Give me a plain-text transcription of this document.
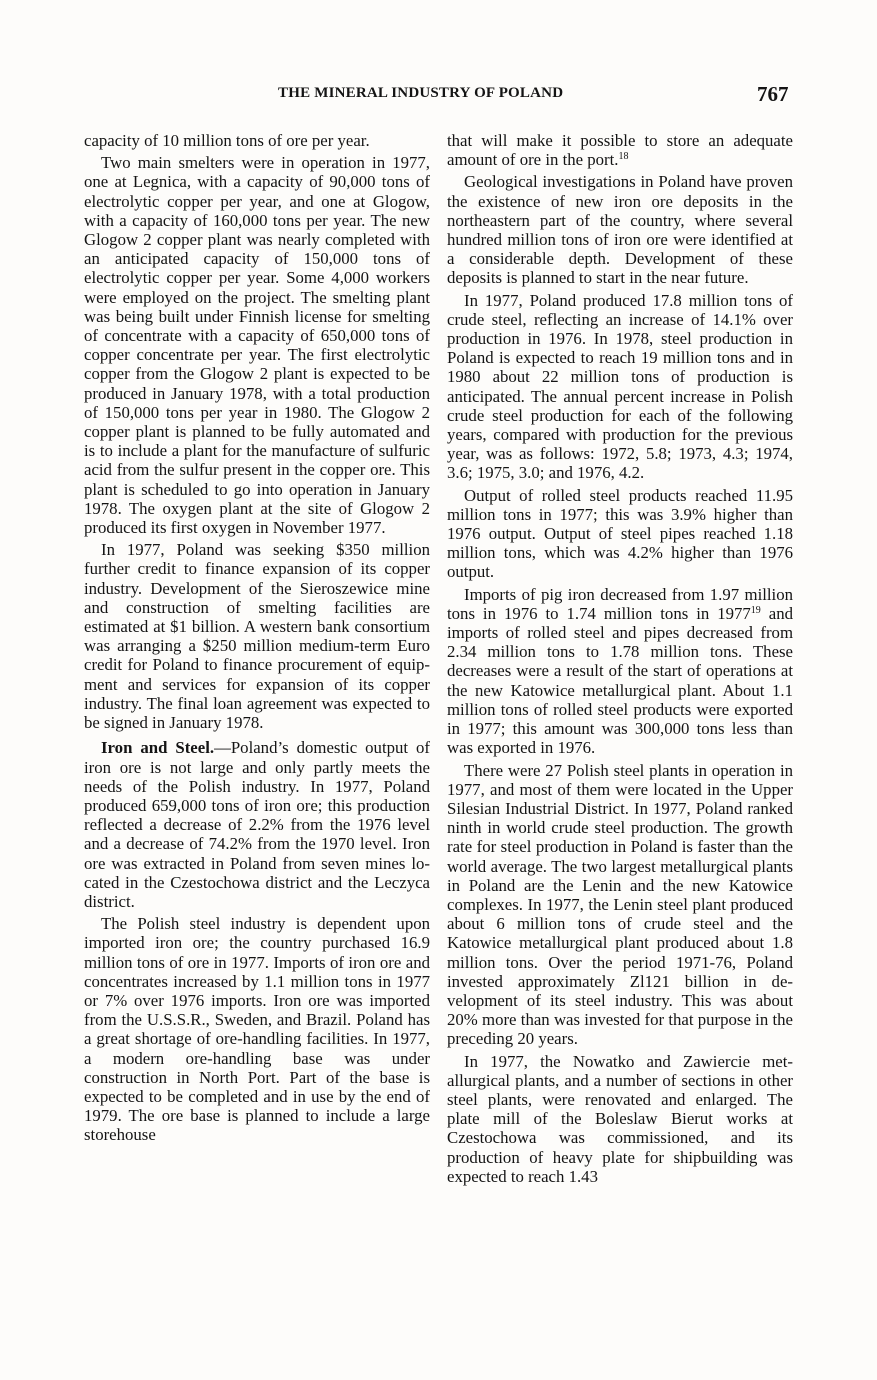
THE MINERAL INDUSTRY OF POLAND	767

capacity of 10 million tons of ore per year.

Two main smelters were in operation in 1977, one at Legnica, with a capacity of 90,000 tons of electrolytic copper per year, and one at Glogow, with a capacity of 160,000 tons per year. The new Glogow 2 copper plant was nearly completed with an anticipated capacity of 150,000 tons of electrolytic copper per year. Some 4,000 workers were employed on the project. The smelting plant was being built under Finnish license for smelting of concentrate with a capacity of 650,000 tons of copper concentrate per year. The first electrolytic copper from the Glogow 2 plant is expected to be produced in January 1978, with a total production of 150,000 tons per year in 1980. The Glogow 2 copper plant is planned to be fully automated and is to include a plant for the manufacture of sulfuric acid from the sulfur present in the copper ore. This plant is scheduled to go into operation in January 1978. The oxygen plant at the site of Glogow 2 produced its first oxygen in November 1977.

In 1977, Poland was seeking $350 million further credit to finance expansion of its copper industry. Development of the Sieroszewice mine and construction of smelting facilities are estimated at $1 billion. A western bank consortium was arranging a $250 million medium-term Euro credit for Poland to finance procurement of equipment and services for expansion of its copper industry. The final loan agreement was expected to be signed in January 1978.

Iron and Steel.—Poland’s domestic output of iron ore is not large and only partly meets the needs of the Polish industry. In 1977, Poland produced 659,000 tons of iron ore; this production reflected a decrease of 2.2% from the 1976 level and a decrease of 74.2% from the 1970 level. Iron ore was extracted in Poland from seven mines located in the Czestochowa district and the Leczyca district.

The Polish steel industry is dependent upon imported iron ore; the country purchased 16.9 million tons of ore in 1977. Imports of iron ore and concentrates increased by 1.1 million tons in 1977 or 7% over 1976 imports. Iron ore was imported from the U.S.S.R., Sweden, and Brazil. Poland has a great shortage of ore-handling facilities. In 1977, a modern ore-handling base was under construction in North Port. Part of the base is expected to be completed and in use by the end of 1979. The ore base is planned to include a large storehouse

that will make it possible to store an adequate amount of ore in the port.$^{18}$

Geological investigations in Poland have proven the existence of new iron ore deposits in the northeastern part of the country, where several hundred million tons of iron ore were identified at a considerable depth. Development of these deposits is planned to start in the near future.

In 1977, Poland produced 17.8 million tons of crude steel, reflecting an increase of 14.1% over production in 1976. In 1978, steel production in Poland is expected to reach 19 million tons and in 1980 about 22 million tons of production is anticipated. The annual percent increase in Polish crude steel production for each of the following years, compared with production for the previous year, was as follows: 1972, 5.8; 1973, 4.3; 1974, 3.6; 1975, 3.0; and 1976, 4.2.

Output of rolled steel products reached 11.95 million tons in 1977; this was 3.9% higher than 1976 output. Output of steel pipes reached 1.18 million tons, which was 4.2% higher than 1976 output.

Imports of pig iron decreased from 1.97 million tons in 1976 to 1.74 million tons in 1977$^{19}$ and imports of rolled steel and pipes decreased from 2.34 million tons to 1.78 million tons. These decreases were a result of the start of operations at the new Katowice metallurgical plant. About 1.1 million tons of rolled steel products were exported in 1977; this amount was 300,000 tons less than was exported in 1976.

There were 27 Polish steel plants in operation in 1977, and most of them were located in the Upper Silesian Industrial District. In 1977, Poland ranked ninth in world crude steel production. The growth rate for steel production in Poland is faster than the world average. The two largest metallurgical plants in Poland are the Lenin and the new Katowice complexes. In 1977, the Lenin steel plant produced about 6 million tons of crude steel and the Katowice metallurgical plant produced about 1.8 million tons. Over the period 1971-76, Poland invested approximately Zl121 billion in development of its steel industry. This was about 20% more than was invested for that purpose in the preceding 20 years.

In 1977, the Nowatko and Zawiercie metallurgical plants, and a number of sections in other steel plants, were renovated and enlarged. The plate mill of the Boleslaw Bierut works at Czestochowa was commissioned, and its production of heavy plate for shipbuilding was expected to reach 1.43
